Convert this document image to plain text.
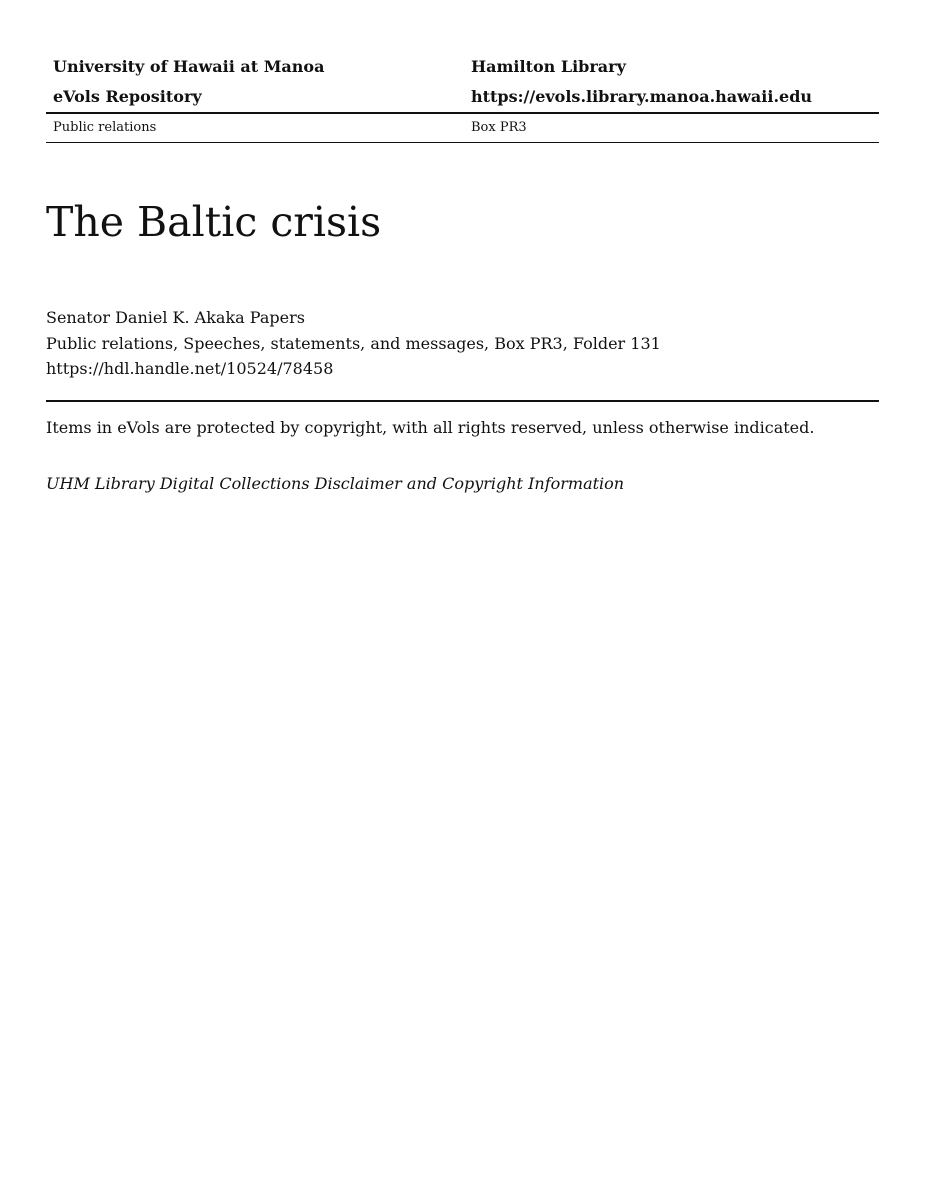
University of Hawaii at Manoa	Hamilton Library
eVols Repository	https://evols.library.manoa.hawaii.edu
Public relations	Box PR3
The Baltic crisis
Senator Daniel K. Akaka Papers
Public relations, Speeches, statements, and messages, Box PR3, Folder 131
https://hdl.handle.net/10524/78458
Items in eVols are protected by copyright, with all rights reserved, unless otherwise indicated.
UHM Library Digital Collections Disclaimer and Copyright Information
